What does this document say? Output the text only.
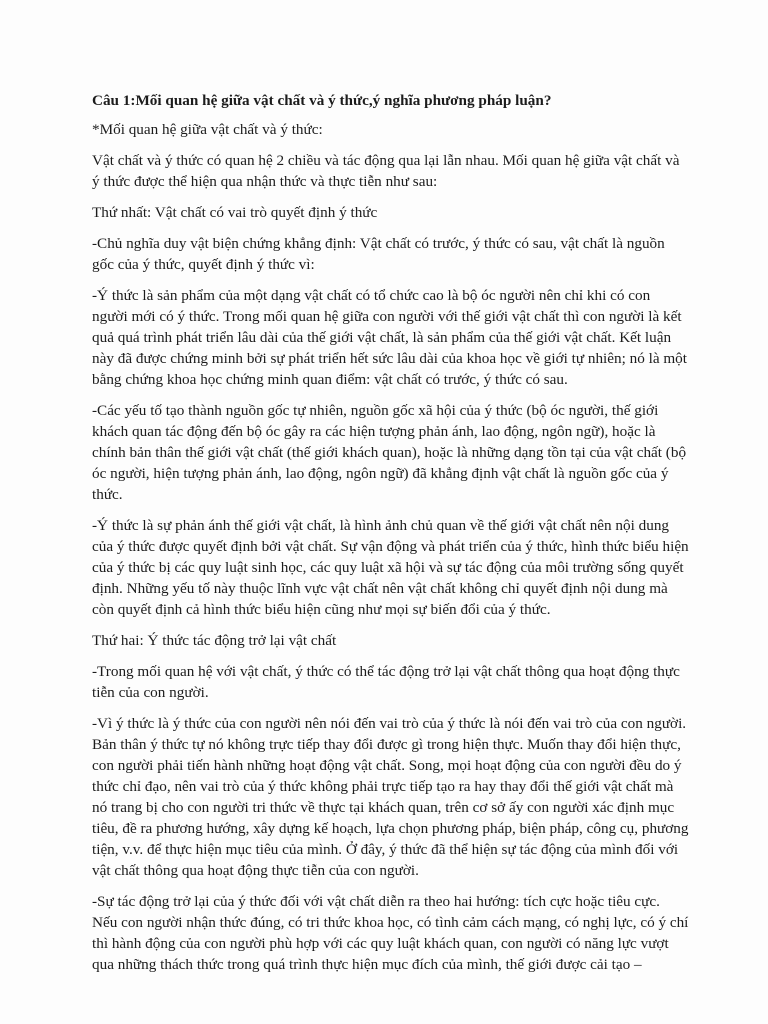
Câu 1:Mối quan hệ giữa vật chất và ý thức,ý nghĩa phương pháp luận?

*Mối quan hệ giữa vật chất và ý thức:

Vật chất và ý thức có quan hệ 2 chiều và tác động qua lại lẫn nhau. Mối quan hệ giữa vật chất và ý thức được thể hiện qua nhận thức và thực tiễn như sau:

Thứ nhất: Vật chất có vai trò quyết định ý thức

-Chủ nghĩa duy vật biện chứng khẳng định: Vật chất có trước, ý thức có sau, vật chất là nguồn gốc của ý thức, quyết định ý thức vì:

-Ý thức là sản phẩm của một dạng vật chất có tổ chức cao là bộ óc người nên chỉ khi có con người mới có ý thức. Trong mối quan hệ giữa con người với thế giới vật chất thì con người là kết quả quá trình phát triển lâu dài của thế giới vật chất, là sản phẩm của thế giới vật chất. Kết luận này đã được chứng minh bởi sự phát triển hết sức lâu dài của khoa học về giới tự nhiên; nó là một bằng chứng khoa học chứng minh quan điểm: vật chất có trước, ý thức có sau.

-Các yếu tố tạo thành nguồn gốc tự nhiên, nguồn gốc xã hội của ý thức (bộ óc người, thế giới khách quan tác động đến bộ óc gây ra các hiện tượng phản ánh, lao động, ngôn ngữ), hoặc là chính bản thân thế giới vật chất (thế giới khách quan), hoặc là những dạng tồn tại của vật chất (bộ óc người, hiện tượng phản ánh, lao động, ngôn ngữ) đã khẳng định vật chất là nguồn gốc của ý thức.

-Ý thức là sự phản ánh thế giới vật chất, là hình ảnh chủ quan về thế giới vật chất nên nội dung của ý thức được quyết định bởi vật chất. Sự vận động và phát triển của ý thức, hình thức biểu hiện của ý thức bị các quy luật sinh học, các quy luật xã hội và sự tác động của môi trường sống quyết định. Những yếu tố này thuộc lĩnh vực vật chất nên vật chất không chỉ quyết định nội dung mà còn quyết định cả hình thức biểu hiện cũng như mọi sự biến đổi của ý thức.

Thứ hai: Ý thức tác động trở lại vật chất

-Trong mối quan hệ với vật chất, ý thức có thể tác động trở lại vật chất thông qua hoạt động thực tiễn của con người.

-Vì ý thức là ý thức của con người nên nói đến vai trò của ý thức là nói đến vai trò của con người. Bản thân ý thức tự nó không trực tiếp thay đổi được gì trong hiện thực. Muốn thay đổi hiện thực, con người phải tiến hành những hoạt động vật chất. Song, mọi hoạt động của con người đều do ý thức chỉ đạo, nên vai trò của ý thức không phải trực tiếp tạo ra hay thay đổi thế giới vật chất mà nó trang bị cho con người tri thức về thực tại khách quan, trên cơ sở ấy con người xác định mục tiêu, đề ra phương hướng, xây dựng kế hoạch, lựa chọn phương pháp, biện pháp, công cụ, phương tiện, v.v. để thực hiện mục tiêu của mình. Ở đây, ý thức đã thể hiện sự tác động của mình đối với vật chất thông qua hoạt động thực tiễn của con người.

-Sự tác động trở lại của ý thức đối với vật chất diễn ra theo hai hướng: tích cực hoặc tiêu cực. Nếu con người nhận thức đúng, có tri thức khoa học, có tình cảm cách mạng, có nghị lực, có ý chí thì hành động của con người phù hợp với các quy luật khách quan, con người có năng lực vượt qua những thách thức trong quá trình thực hiện mục đích của mình, thế giới được cải tạo –
